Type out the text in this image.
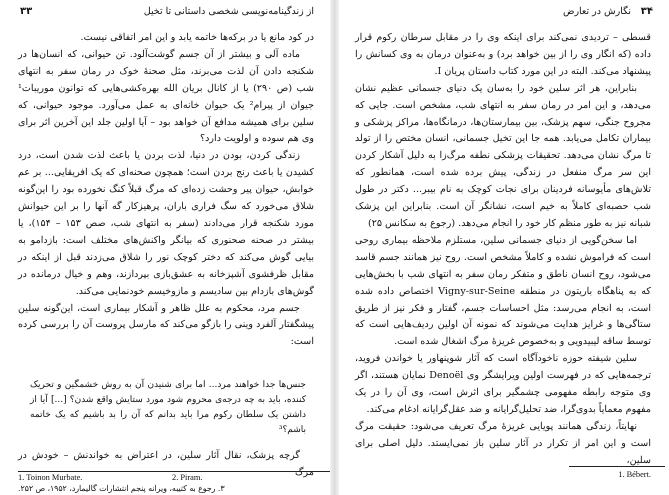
۳۳	از زندگینامه‌نویسی شخصی داستانی تا تخیل

در کود مانع یا در برکه‌ها خاتمه یابد و این امر اتفاقی نیست.

ماده آلی و بیشتر از آن جسم گوشت‌آلود. تن حیوانی، که انسان‌ها در شکنجه دادن آن لذت می‌برند، مثل صحنهٔ خوک در رمان سفر به انتهای شب (ص ۲۹۰) یا از کانال بریان الله بهره‌کشی‌هایی که توانون موریبات¹ جیوان از پیرام² یک حیوان خانه‌ای به عمل می‌آورد. موجود حیوانی، که سلین برای همیشه مدافع آن خواهد بود – آیا اولین جلد این آخرین اثر برای وی هم سوده و اولویت دارد؟

زندگی کردن، بودن در دنیا، لذت بردن یا باعث لذت شدن است، درد کشیدن یا باعث رنج بردن است؛ همچون صحنه‌ای که یک افریقایی... بر عم خوابش، حیوان پیر وحشت زده‌ای که مرگ قبلاً کنگ نخورده بود را این‌گونه شلاق می‌خورد که سگ فراری باران، پرهیزکار گه آنها را بر این حیوانش مورد شکنجه قرار می‌دادند (سفر به انتهای شب، صص ۱۵۳ – ۱۵۴)، یا بیشتر در صحنه صحنوری که بیانگر واکنش‌های مختلف است: بازدامو به بیایی گوش می‌کند که دختر کوچک نور را شلاق می‌زدند قبل از اینکه در مقابل ظرفشوی آشپزخانه به عشق‌بازی بپردازند، وهم و خیال درمانده در گوش‌های بازدام بین سادیسم و مازوخیسم خودنمایی می‌کند.

جسم مرد، محکوم به علل ظاهر و آشکار بیماری است، این‌گونه سلین پیشگفتار آلفرد وینی را بازگو می‌کند که مارسل پروست آن را بررسی کرده است:

جنس‌ها جدا خواهند مرد... اما برای شنیدن آن به روش خشمگین و تحریک کننده، باید به چه درجه‌ی محروم شود مورد ستایش واقع شدن؟ [...] آیا از داشتن یک سلطان رکوم مرا باید بدانم که آن را بد باشیم که یک خاتمه باشم؟³

گرچه پزشک، نقال آثار سلین، در اعتراض به خواندنش – خودش در مرگ

1. Toinon Murbate.	2. Piram.
۳. رجوع به کتیبه، ویرانه پنجم انتشارات گالیمارد، ۱۹۵۲، ص ۲۵۲.
۳۴
نگارش در تعارض

قسطی – تردیدی نمی‌کند برای اینکه وی را در مقابل سرطان رکوم قرار داده (که انگار وی را از بین خواهد برد) و به‌عنوان درمان به وی کسانش را پیشنهاد می‌کند. البته در این مورد کتاب داستان پریان I.

بنابراین، هر اثر سلین خود را به‌سان یک دنیای جسمانی عظیم نشان می‌دهد، و این امر در رمان سفر به انتهای شب، مشخص است. جایی که مجروح جنگی، سهم پزشک، بین بیمارستان‌ها، درمانگاه‌ها، مراکز پزشکی و بیماران تکامل می‌یابد. همه جا این تخیل جسمانی، انسان مختص را از تولد تا مرگ نشان می‌دهد. تحقیقات پزشکی نطفه مرگ‌زا به دلیل آشکار کردن این سر مرگ منفعل در زندگی، پیش برده شده است، همانطور که تلاش‌های مأیوسانه فردینان برای نجات کوچک به نام بیبر... دکتر در طول شب حصبه‌ای کاملاً به خیم است، نشانگر آن است. بنابراین این پزشک شبانه نیز به طور منظم کار خود را انجام می‌دهد. (رجوع به سکانس ۲۵)

اما سخن‌گویی از دنیای جسمانی سلین، مستلزم ملاحظه بیماری روحی است که فراموش نشده و کاملاً مشخص است. روح نیز همانند جسم قاسد می‌شود، روح انسان ناطق و متفکر رمان سفر به انتهای شب با بخش‌هایی که به پناهگاه باریتون در منطقه Vigny-sur-Seine اختصاص داده شده است، به انجام می‌رسد: مثل احساسات جسم، گفتار و فکر نیز از طریق ستاگی‌ها و غرایز هدایت می‌شوند که نمونه آن اولین ردیف‌هایی است که توسط ساقه لیبیدویی و به‌خصوص غریزهٔ مرگ اشغال شده است.

سلین شیفته حوزه ناخودآگاه است که آثار شوپنهاور یا خواندن فروید، ترجمه‌هایی که در فهرست اولین ویرایشگر وی Denoël نمایان هستند، اگر وی متوجه رابطه مفهومی چشمگیر برای اثرش است، وی آن را در یک مفهوم معمایاً بدوی‌گرا، ضد تحلیل‌گرایانه و ضد عقل‌گرایانه ادغام می‌کند.

نهایتاً، زندگی همانند پویایی غریزهٔ مرگ تعریف می‌شود: حقیقت مرگ است و این امر از تکرار در آثار سلین باز نمی‌ایستد. دلیل اصلی برای سلین،

1. Bébert.
